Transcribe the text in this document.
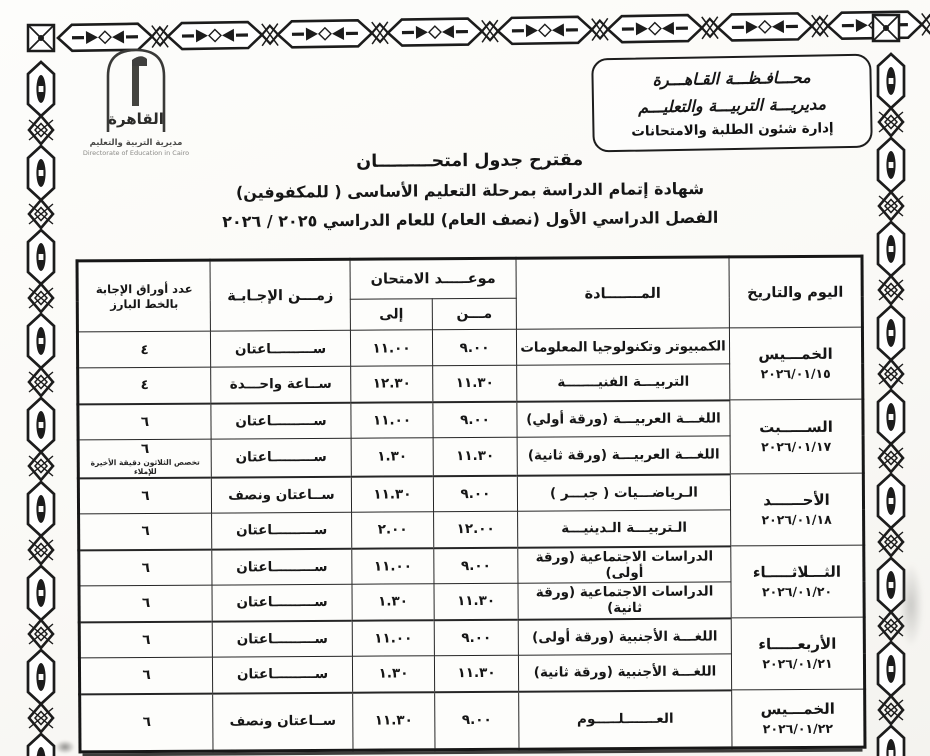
القاهرة
مديرية التربية والتعليم
Directorate of Education in Cairo
محـــافـظـــة القـاهـــرة
مديريـــة التربيـــة والتعليـــم
إدارة شئون الطلبة والامتحانات
مقترح جدول امتحـــــــــان
شهادة إتمام الدراسة بمرحلة التعليم الأساسى ( للمكفوفين)
الفصل الدراسي الأول (نصف العام) للعام الدراسي ٢٠٢٥ / ٢٠٢٦
اليوم والتاريخ	المـــــــادة	موعـــــد الامتحان		زمـــن الإجـابـة	عدد أوراق الإجابة
بالخط البارز

		مـــن	إلى		

الخمـــيس
٢٠٢٦/٠١/١٥	الكمبيوتر وتكنولوجيا المعلومات	٩.٠٠	١١.٠٠	ســـــــــاعتان	٤
	التربيـــة الفنيـــــــة	١١.٣٠	١٢.٣٠	ســاعة واحـــدة	٤

الســـــبت
٢٠٢٦/٠١/١٧	اللغـــة العربيـــة (ورقة أولي)	٩.٠٠	١١.٠٠	ســـــــــاعتان	٦
	اللغـــة العربيـــة (ورقة ثانية)	١١.٣٠	١.٣٠	ســـــــــاعتان	٦
تخصص الثلاثون دقيقة الأخيرة للإملاء

الأحــــــد
٢٠٢٦/٠١/١٨	الـرياضـــيات ( جبـــر )	٩.٠٠	١١.٣٠	ســاعتان ونصف	٦
	الـتربيـــة الـدينيـــة	١٢.٠٠	٢.٠٠	ســـــــــاعتان	٦

الثـــلاثـــــاء
٢٠٢٦/٠١/٢٠	الدراسات الاجتماعية (ورقة أولى)	٩.٠٠	١١.٠٠	ســـــــــاعتان	٦
	الدراسات الاجتماعية (ورقة ثانية)	١١.٣٠	١.٣٠	ســـــــــاعتان	٦

الأربعـــــاء
٢٠٢٦/٠١/٢١	اللغـــة الأجنبية (ورقة أولى)	٩.٠٠	١١.٠٠	ســـــــــاعتان	٦
	اللغـــة الأجنبية (ورقة ثانية)	١١.٣٠	١.٣٠	ســـــــــاعتان	٦

الخمـــيس
٢٠٢٦/٠١/٢٢	العـــــــلـــــوم	٩.٠٠	١١.٣٠	ســاعتان ونصف	٦
